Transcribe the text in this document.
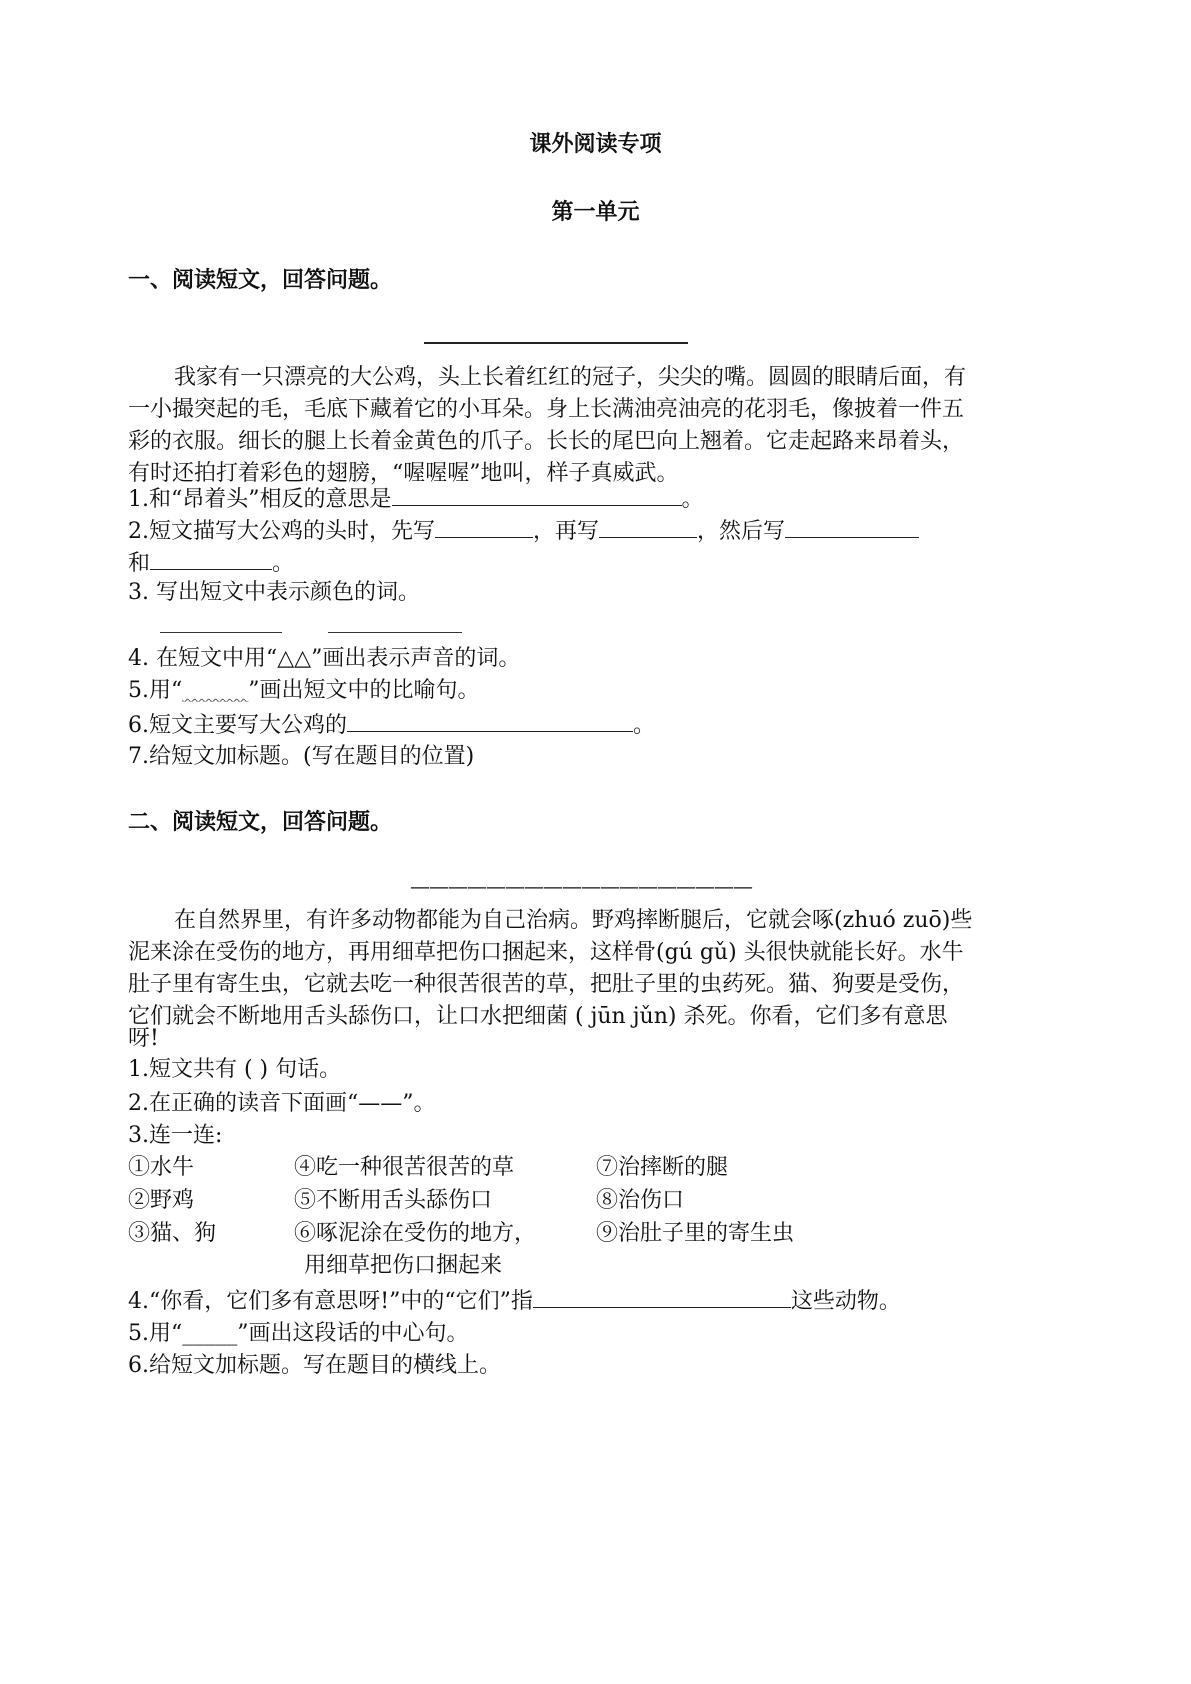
课外阅读专项
第一单元
一、阅读短文，回答问题。
我家有一只漂亮的大公鸡，头上长着红红的冠子，尖尖的嘴。圆圆的眼睛后面，有
一小撮突起的毛，毛底下藏着它的小耳朵。身上长满油亮油亮的花羽毛，像披着一件五
彩的衣服。细长的腿上长着金黄色的爪子。长长的尾巴向上翘着。它走起路来昂着头，
有时还拍打着彩色的翅膀，“喔喔喔”地叫，样子真威武。
1.和“昂着头”相反的意思是	。
2.短文描写大公鸡的头时，先写	，再写	，然后写
和	。
3. 写出短文中表示颜色的词。
4. 在短文中用“△△”画出表示声音的词。
5.用“______”画出短文中的比喻句。
6.短文主要写大公鸡的	。
7.给短文加标题。(写在题目的位置)
二、阅读短文，回答问题。
——————————————————
在自然界里，有许多动物都能为自己治病。野鸡摔断腿后，它就会啄(zhuó zuō)些
泥来涂在受伤的地方，再用细草把伤口捆起来，这样骨(gú gǔ) 头很快就能长好。水牛
肚子里有寄生虫，它就去吃一种很苦很苦的草，把肚子里的虫药死。猫、狗要是受伤，
它们就会不断地用舌头舔伤口，让口水把细菌 ( jūn jǔn) 杀死。你看，它们多有意思
呀!
1.短文共有 ( ) 句话。
2.在正确的读音下面画“——”。
3.连一连:
①水牛	④吃一种很苦很苦的草	⑦治摔断的腿
②野鸡	⑤不断用舌头舔伤口	⑧治伤口
③猫、狗	⑥啄泥涂在受伤的地方，	⑨治肚子里的寄生虫
用细草把伤口捆起来
4.“你看，它们多有意思呀!”中的“它们”指	这些动物。
5.用“_____”画出这段话的中心句。
6.给短文加标题。写在题目的横线上。
